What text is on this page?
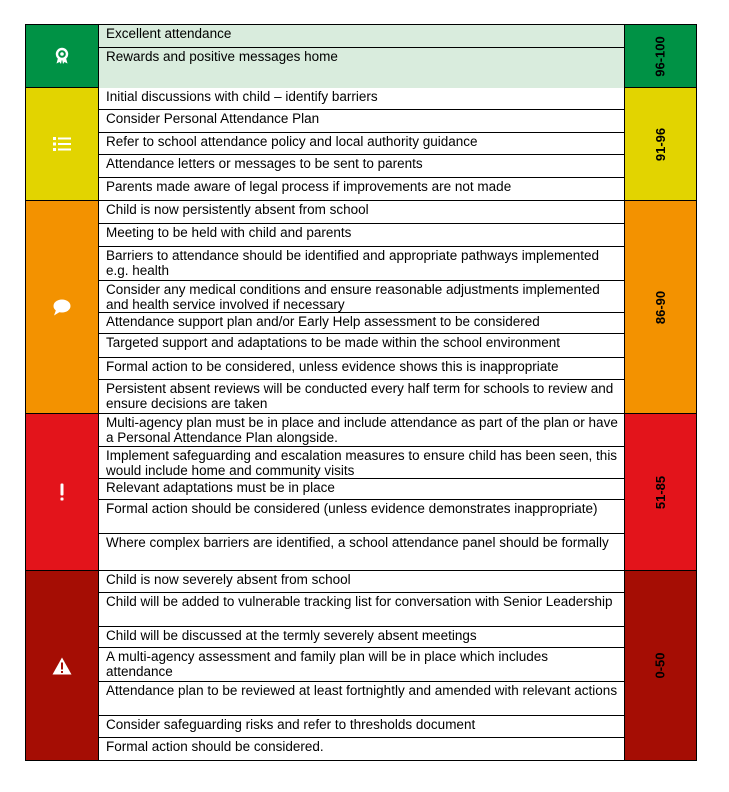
Excellent attendance
Rewards and positive messages home	96-100
Initial discussions with child – identify barriers
Consider Personal Attendance Plan
Refer to school attendance policy and local authority guidance
Attendance letters or messages to be sent to parents
Parents made aware of legal process if improvements are not made
91-96
Child is now persistently absent from school
Meeting to be held with child and parents
Barriers to attendance should be identified and appropriate pathways implemented e.g. health
Consider any medical conditions and ensure reasonable adjustments implemented and health service involved if necessary
Attendance support plan and/or Early Help assessment to be considered
Targeted support and adaptations to be made within the school environment
Formal action to be considered, unless evidence shows this is inappropriate
Persistent absent reviews will be conducted every half term for schools to review and ensure decisions are taken
86-90
Multi-agency plan must be in place and include attendance as part of the plan or have a Personal Attendance Plan alongside.
Implement safeguarding and escalation measures to ensure child has been seen, this would include home and community visits
Relevant adaptations must be in place
Formal action should be considered (unless evidence demonstrates inappropriate)
Where complex barriers are identified, a school attendance panel should be formally
51-85
Child is now severely absent from school
Child will be added to vulnerable tracking list for conversation with Senior Leadership
Child will be discussed at the termly severely absent meetings
A multi-agency assessment and family plan will be in place which includes attendance
Attendance plan to be reviewed at least fortnightly and amended with relevant actions
Consider safeguarding risks and refer to thresholds document
Formal action should be considered.
0-50
